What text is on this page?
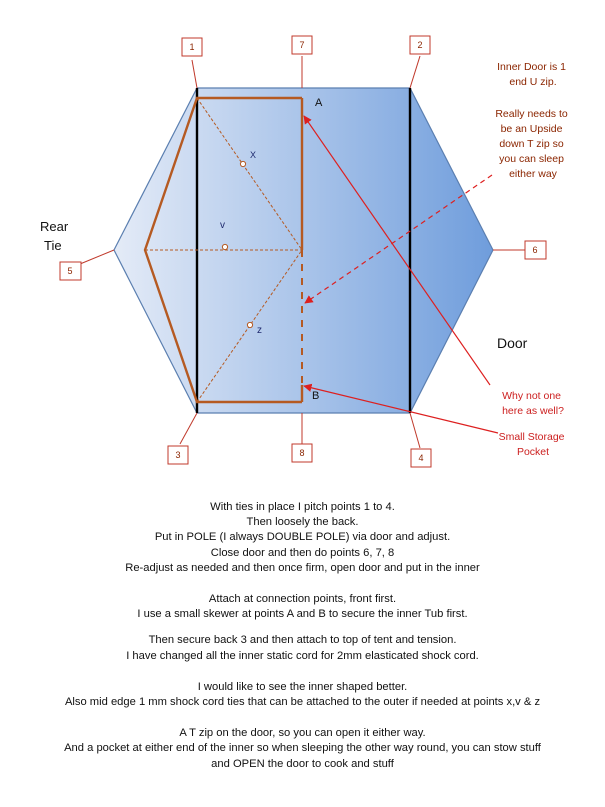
X
v
z
A
B
Rear
Tie
Door
1	7	2
6
5
3	8	4
Inner Door is 1 end U zip.
Really needs to be an Upside down T zip so you can sleep either way
Why not one here as well?
Small Storage Pocket
With ties in place I pitch points 1 to 4.
Then loosely the back.
Put in POLE (I always DOUBLE POLE) via door and adjust.
Close door and then do points 6, 7, 8
Re-adjust as needed and then once firm, open door and put in the inner
Attach at connection points, front first.
I use a small skewer at points A and B to secure the inner Tub first.
Then secure back 3 and then attach to top of tent and tension.
I have changed all the inner static cord for 2mm elasticated shock cord.
I would like to see the inner shaped better.
Also mid edge 1 mm shock cord ties that can be attached to the outer if needed at points x,v & z
A T zip on the door, so you can open it either way.
And a pocket at either end of the inner so when sleeping the other way round, you can stow stuff
and OPEN the door to cook and stuff
